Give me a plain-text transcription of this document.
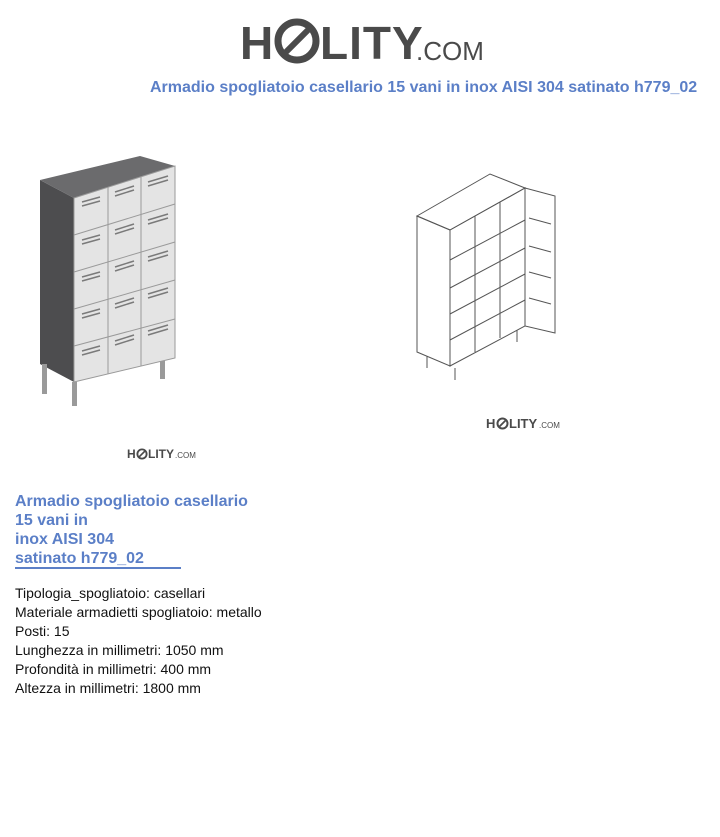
H LITY
.COM
Armadio spogliatoio casellario 15 vani in inox AISI 304 satinato h779_02
H LITY .COM
H LITY .COM
Armadio spogliatoio casellario
15 vani in
inox AISI 304
satinato h779_02
Tipologia_spogliatoio: casellari
Materiale armadietti spogliatoio: metallo
Posti: 15
Lunghezza in millimetri: 1050 mm
Profondità in millimetri: 400 mm
Altezza in millimetri: 1800 mm
